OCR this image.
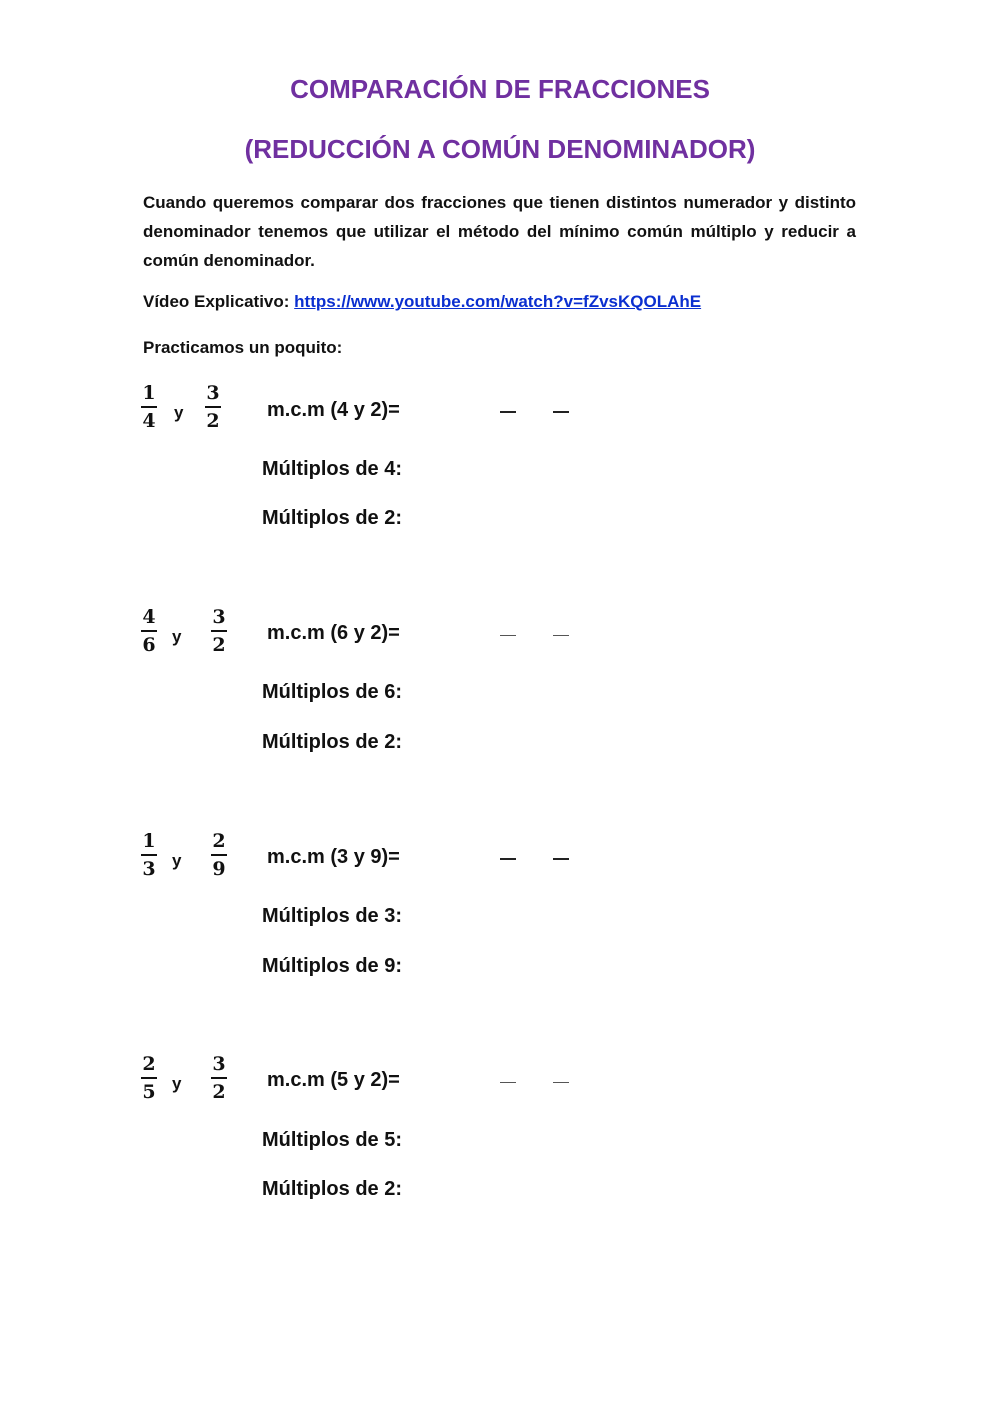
COMPARACIÓN DE FRACCIONES
(REDUCCIÓN A COMÚN DENOMINADOR)

Cuando queremos comparar dos fracciones que tienen distintos numerador y distinto denominador tenemos que utilizar el método del mínimo común múltiplo y reducir a común denominador.

Vídeo Explicativo: https://www.youtube.com/watch?v=fZvsKQOLAhE
Practicamos un poquito:
1
4 y
3
2 m.c.m (4 y 2)=
Múltiplos de 4:
Múltiplos de 2:
4
6 y
3
2
m.c.m (6 y 2)=
Múltiplos de 6:
Múltiplos de 2:
1
3 y
2
9
m.c.m (3 y 9)=
Múltiplos de 3:
Múltiplos de 9:
2
5 y
3
2
m.c.m (5 y 2)=
Múltiplos de 5:
Múltiplos de 2:
